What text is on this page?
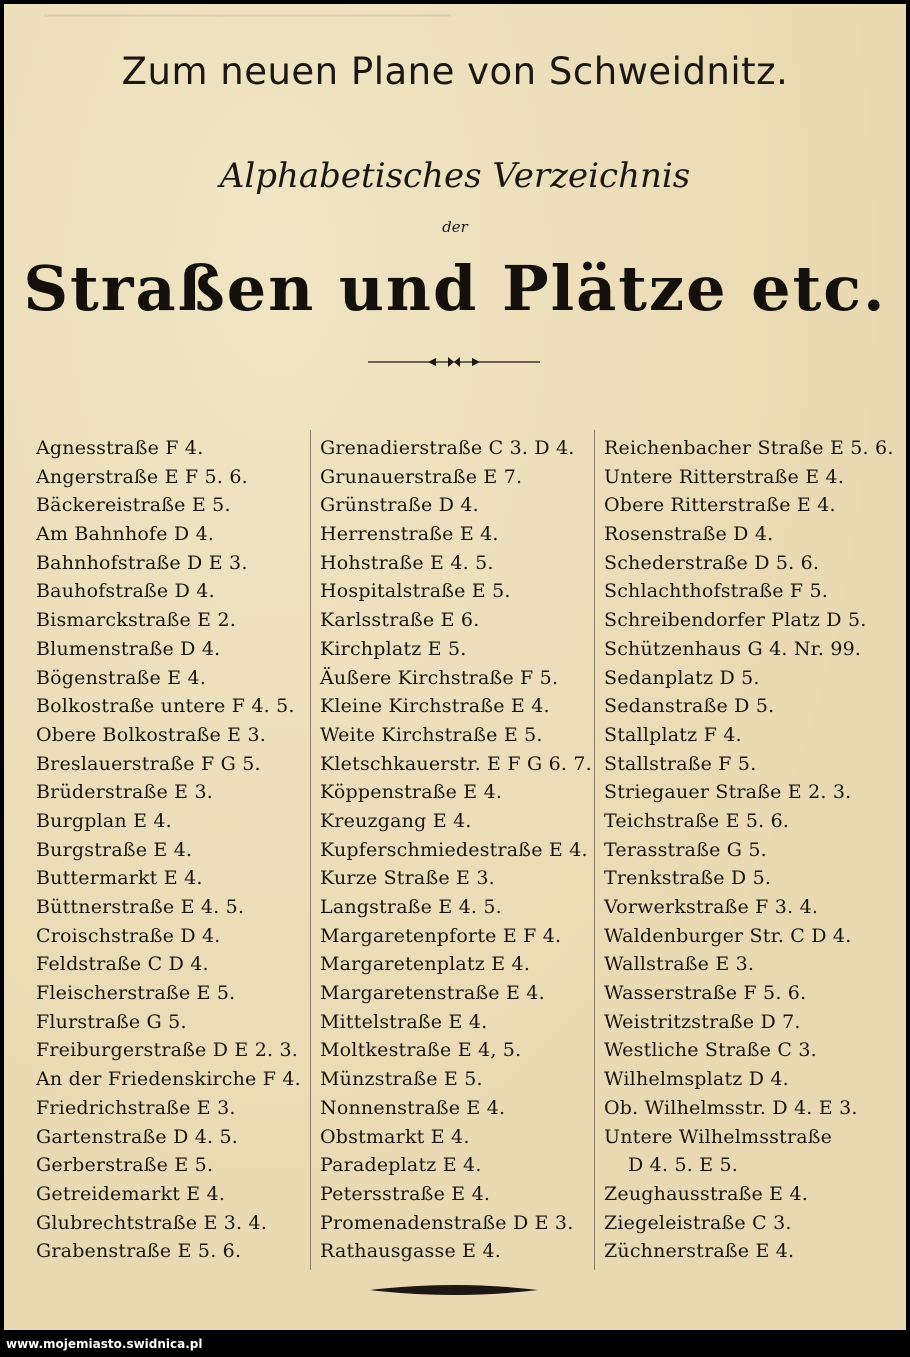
━━━━━━━━━━━━━━━━━━━━━━━━━━━━━━━━━━━━━━━━━━━━━━━━━━━━
Zum neuen Plane von Schweidnitz.
Alphabetisches Verzeichnis
der
Straßen und Plätze etc.
Agnesstraße F 4.
Angerstraße E F 5. 6.
Bäckereistraße E 5.
Am Bahnhofe D 4.
Bahnhofstraße D E 3.
Bauhofstraße D 4.
Bismarckstraße E 2.
Blumenstraße D 4.
Bögenstraße E 4.
Bolkostraße untere F 4. 5.
Obere Bolkostraße E 3.
Breslauerstraße F G 5.
Brüderstraße E 3.
Burgplan E 4.
Burgstraße E 4.
Buttermarkt E 4.
Büttnerstraße E 4. 5.
Croischstraße D 4.
Feldstraße C D 4.
Fleischerstraße E 5.
Flurstraße G 5.
Freiburgerstraße D E 2. 3.
An der Friedenskirche F 4.
Friedrichstraße E 3.
Gartenstraße D 4. 5.
Gerberstraße E 5.
Getreidemarkt E 4.
Glubrechtstraße E 3. 4.
Grabenstraße E 5. 6.
Grenadierstraße C 3. D 4.
Grunauerstraße E 7.
Grünstraße D 4.
Herrenstraße E 4.
Hohstraße E 4. 5.
Hospitalstraße E 5.
Karlsstraße E 6.
Kirchplatz E 5.
Äußere Kirchstraße F 5.
Kleine Kirchstraße E 4.
Weite Kirchstraße E 5.
Kletschkauerstr. E F G 6. 7.
Köppenstraße E 4.
Kreuzgang E 4.
Kupferschmiedestraße E 4.
Kurze Straße E 3.
Langstraße E 4. 5.
Margaretenpforte E F 4.
Margaretenplatz E 4.
Margaretenstraße E 4.
Mittelstraße E 4.
Moltkestraße E 4, 5.
Münzstraße E 5.
Nonnenstraße E 4.
Obstmarkt E 4.
Paradeplatz E 4.
Petersstraße E 4.
Promenadenstraße D E 3.
Rathausgasse E 4.
Reichenbacher Straße E 5. 6.
Untere Ritterstraße E 4.
Obere Ritterstraße E 4.
Rosenstraße D 4.
Schederstraße D 5. 6.
Schlachthofstraße F 5.
Schreibendorfer Platz D 5.
Schützenhaus G 4. Nr. 99.
Sedanplatz D 5.
Sedanstraße D 5.
Stallplatz F 4.
Stallstraße F 5.
Striegauer Straße E 2. 3.
Teichstraße E 5. 6.
Terasstraße G 5.
Trenkstraße D 5.
Vorwerkstraße F 3. 4.
Waldenburger Str. C D 4.
Wallstraße E 3.
Wasserstraße F 5. 6.
Weistritzstraße D 7.
Westliche Straße C 3.
Wilhelmsplatz D 4.
Ob. Wilhelmsstr. D 4. E 3.
Untere Wilhelmsstraße
D 4. 5. E 5.
Zeughausstraße E 4.
Ziegeleistraße C 3.
Züchnerstraße E 4.
www.mojemiasto.swidnica.pl
